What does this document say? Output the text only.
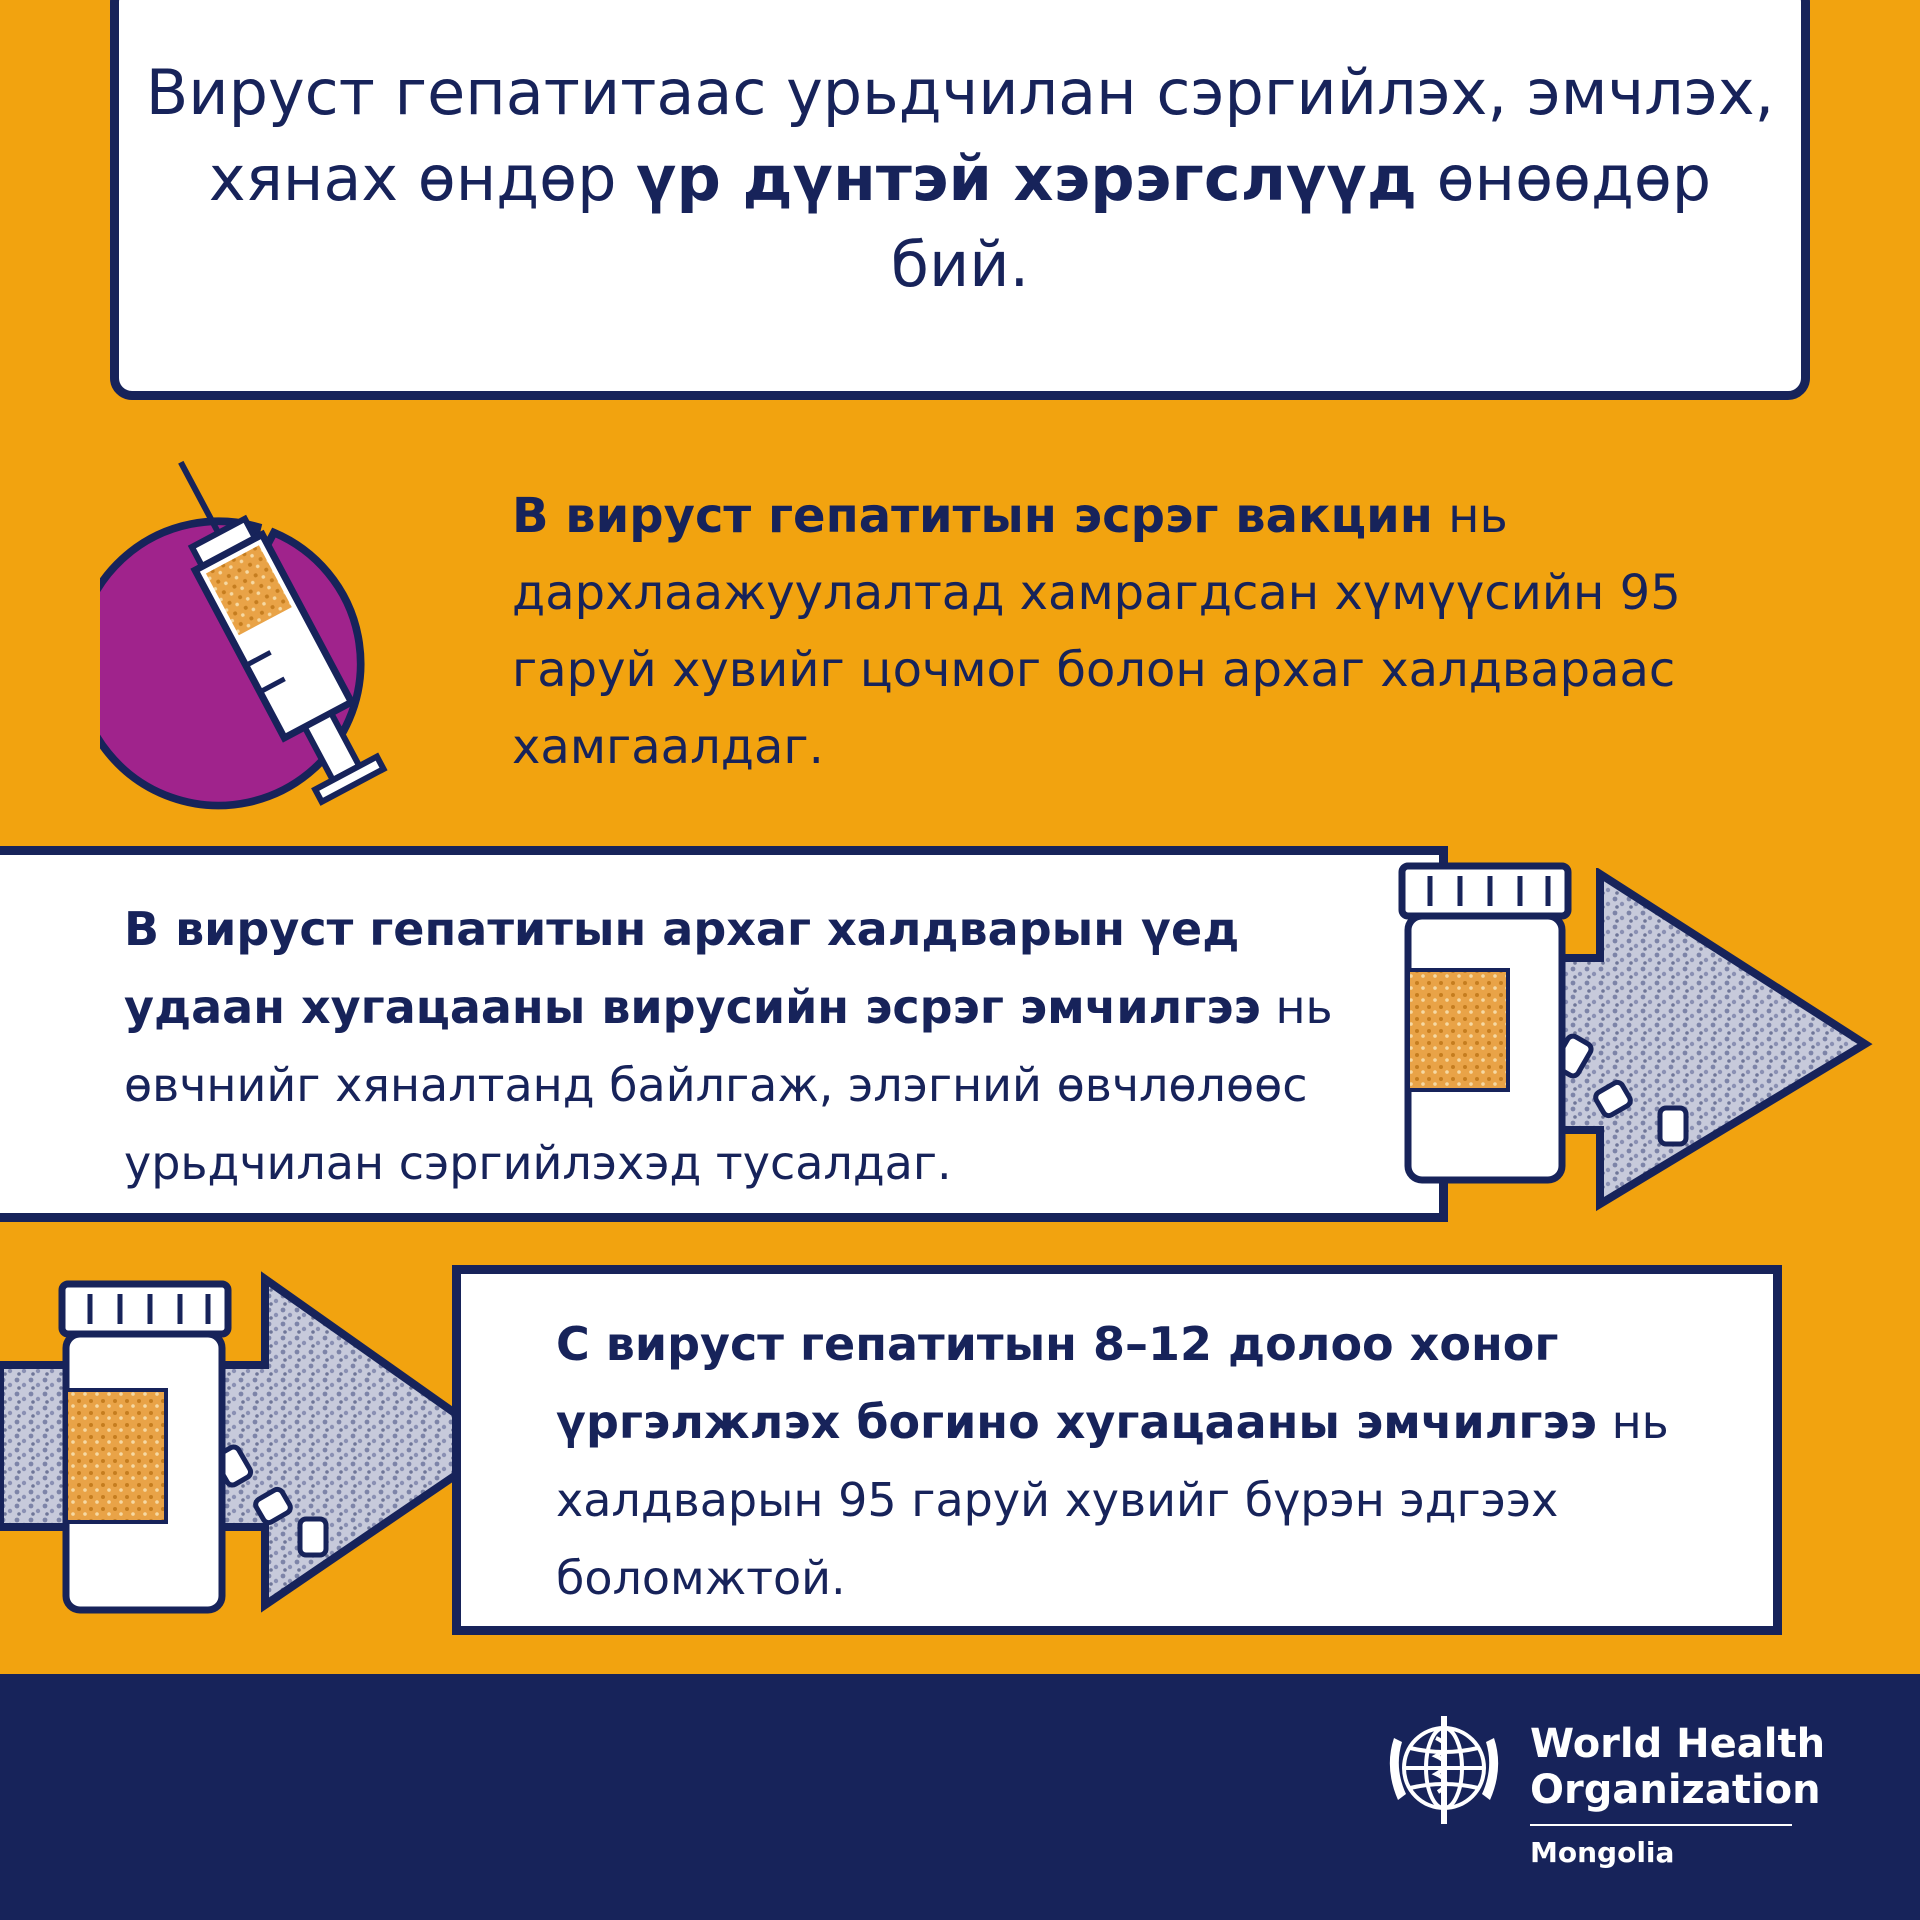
Вируст гепатитаас урьдчилан сэргийлэх, эмчлэх, хянах өндөр үр дүнтэй хэрэгслүүд өнөөдөр бий.

В вируст гепатитын эсрэг вакцин нь дархлаажуулалтад хамрагдсан хүмүүсийн 95 гаруй хувийг цочмог болон архаг халдвараас хамгаалдаг.

В вируст гепатитын архаг халдварын үед удаан хугацааны вирусийн эсрэг эмчилгээ нь өвчнийг хяналтанд байлгаж, элэгний өвчлөлөөс урьдчилан сэргийлэхэд тусалдаг.

С вируст гепатитын 8–12 долоо хоног үргэлжлэх богино хугацааны эмчилгээ нь халдварын 95 гаруй хувийг бүрэн эдгээх боломжтой.

World Health
Organization
Mongolia
